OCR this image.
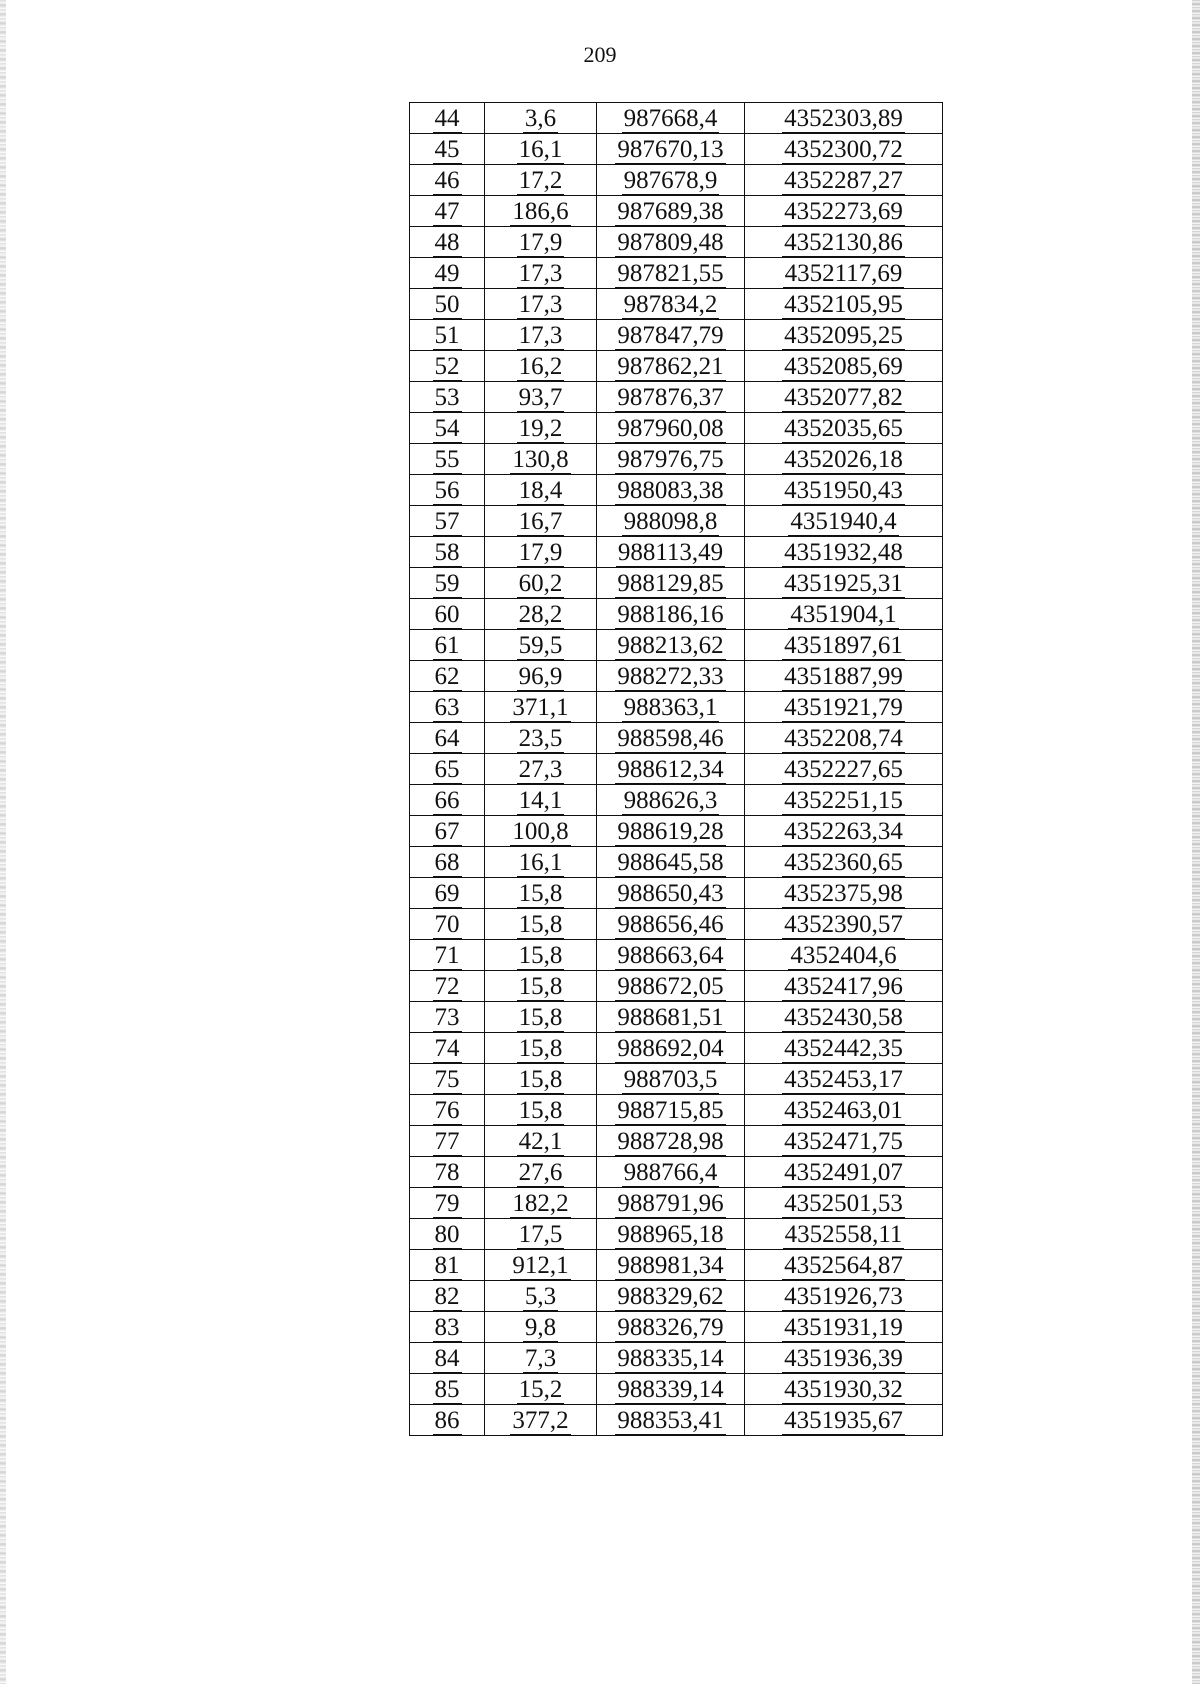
209
44	3,6	987668,4	4352303,89
45	16,1	987670,13	4352300,72
46	17,2	987678,9	4352287,27
47	186,6	987689,38	4352273,69
48	17,9	987809,48	4352130,86
49	17,3	987821,55	4352117,69
50	17,3	987834,2	4352105,95
51	17,3	987847,79	4352095,25
52	16,2	987862,21	4352085,69
53	93,7	987876,37	4352077,82
54	19,2	987960,08	4352035,65
55	130,8	987976,75	4352026,18
56	18,4	988083,38	4351950,43
57	16,7	988098,8	4351940,4
58	17,9	988113,49	4351932,48
59	60,2	988129,85	4351925,31
60	28,2	988186,16	4351904,1
61	59,5	988213,62	4351897,61
62	96,9	988272,33	4351887,99
63	371,1	988363,1	4351921,79
64	23,5	988598,46	4352208,74
65	27,3	988612,34	4352227,65
66	14,1	988626,3	4352251,15
67	100,8	988619,28	4352263,34
68	16,1	988645,58	4352360,65
69	15,8	988650,43	4352375,98
70	15,8	988656,46	4352390,57
71	15,8	988663,64	4352404,6
72	15,8	988672,05	4352417,96
73	15,8	988681,51	4352430,58
74	15,8	988692,04	4352442,35
75	15,8	988703,5	4352453,17
76	15,8	988715,85	4352463,01
77	42,1	988728,98	4352471,75
78	27,6	988766,4	4352491,07
79	182,2	988791,96	4352501,53
80	17,5	988965,18	4352558,11
81	912,1	988981,34	4352564,87
82	5,3	988329,62	4351926,73
83	9,8	988326,79	4351931,19
84	7,3	988335,14	4351936,39
85	15,2	988339,14	4351930,32
86	377,2	988353,41	4351935,67
